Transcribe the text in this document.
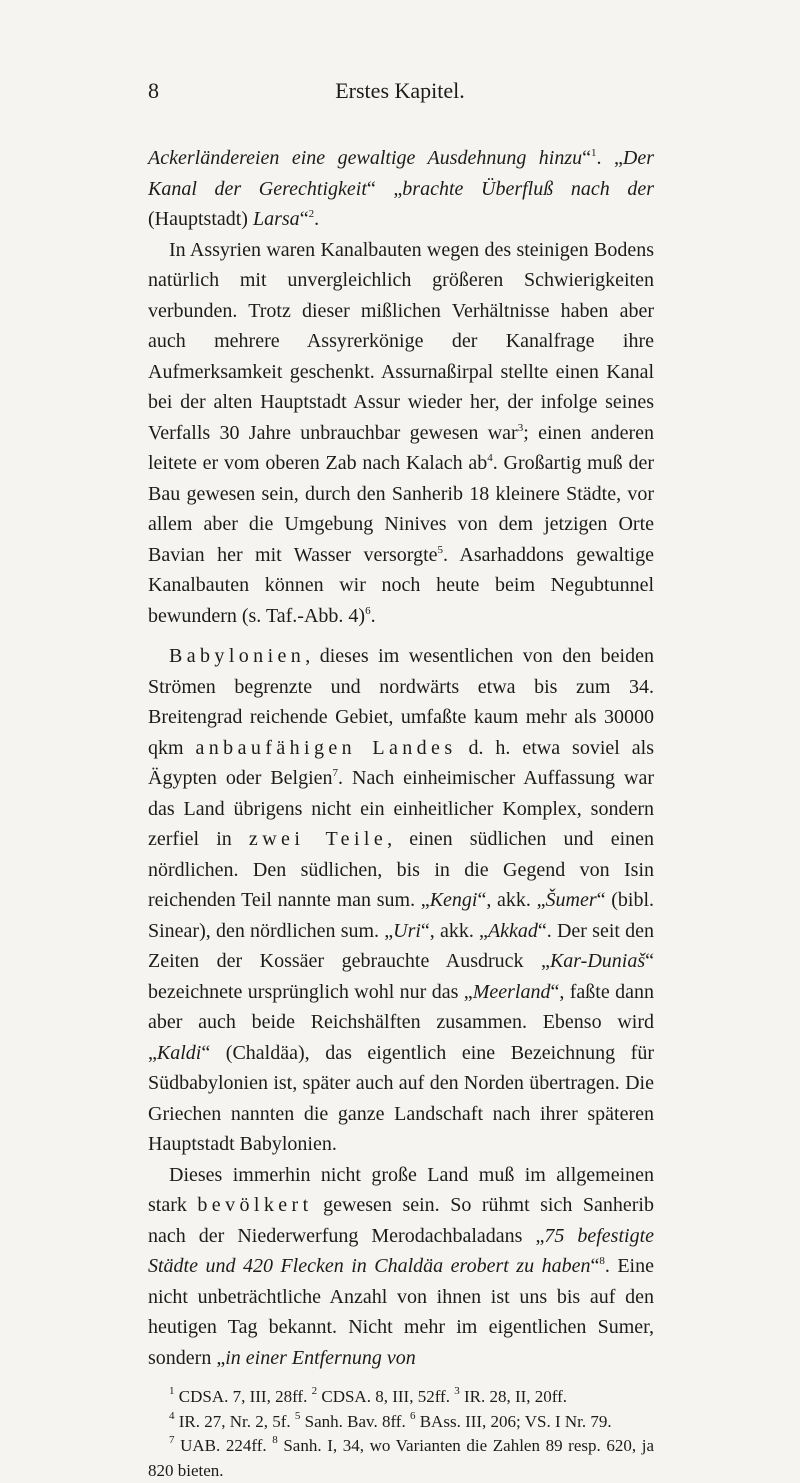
8	Erstes Kapitel.

Ackerländereien eine gewaltige Ausdehnung hinzu“$^1$. „Der Kanal der Gerechtigkeit“ „brachte Überfluß nach der (Hauptstadt) Larsa“$^2$.

In Assyrien waren Kanalbauten wegen des steinigen Bodens natürlich mit unvergleichlich größeren Schwierigkeiten verbunden. Trotz dieser mißlichen Verhältnisse haben aber auch mehrere Assyrerkönige der Kanalfrage ihre Aufmerksamkeit geschenkt. Assurnaßirpal stellte einen Kanal bei der alten Hauptstadt Assur wieder her, der infolge seines Verfalls 30 Jahre unbrauchbar gewesen war$^3$; einen anderen leitete er vom oberen Zab nach Kalach $ab^4$. Großartig muß der Bau gewesen sein, durch den Sanherib 18 kleinere Städte, vor allem aber die Umgebung Ninives von dem jetzigen Orte Bavian her mit Wasser versorgte$^5$. Asarhaddons gewaltige Kanalbauten können wir noch heute beim Negubtunnel bewundern (s. Taf.-Abb. 4)$^6$.

Babylonien, dieses im wesentlichen von den beiden Strömen begrenzte und nordwärts etwa bis zum 34. Breitengrad reichende Gebiet, umfaßte kaum mehr als 30000 qkm anbaufähigen Landes d. h. etwa soviel als Ägypten oder Belgien$^7$. Nach einheimischer Auffassung war das Land übrigens nicht ein einheitlicher Komplex, sondern zerfiel in zwei Teile, einen südlichen und einen nördlichen. Den südlichen, bis in die Gegend von Isin reichenden Teil nannte man sum. „Kengi“, akk. „Šumer“ (bibl. Sinear), den nördlichen sum. „Uri“, akk. „Akkad“. Der seit den Zeiten der Kossäer gebrauchte Ausdruck „Kar-Duniaš“ bezeichnete ursprünglich wohl nur das „Meerland“, faßte dann aber auch beide Reichshälften zusammen. Ebenso wird „Kaldi“ (Chaldäa), das eigentlich eine Bezeichnung für Südbabylonien ist, später auch auf den Norden übertragen. Die Griechen nannten die ganze Landschaft nach ihrer späteren Hauptstadt Babylonien.

Dieses immerhin nicht große Land muß im allgemeinen stark bevölkert gewesen sein. So rühmt sich Sanherib nach der Niederwerfung Merodachbaladans „75 befestigte Städte und 420 Flecken in Chaldäa erobert zu haben“$^8$. Eine nicht unbeträchtliche Anzahl von ihnen ist uns bis auf den heutigen Tag bekannt. Nicht mehr im eigentlichen Sumer, sondern „in einer Entfernung von

$^1$ CDSA. 7, III, 28ff. $^2$ CDSA. 8, III, 52ff. $^3$ IR. 28, II, 20ff.

$^4$ IR. 27, Nr. 2, 5f. $^5$ Sanh. Bav. 8ff. $^6$ BAss. III, 206; VS. I Nr. 79.

$^7$ UAB. 224ff. $^8$ Sanh. I, 34, wo Varianten die Zahlen 89 resp. 620, ja 820 bieten.
